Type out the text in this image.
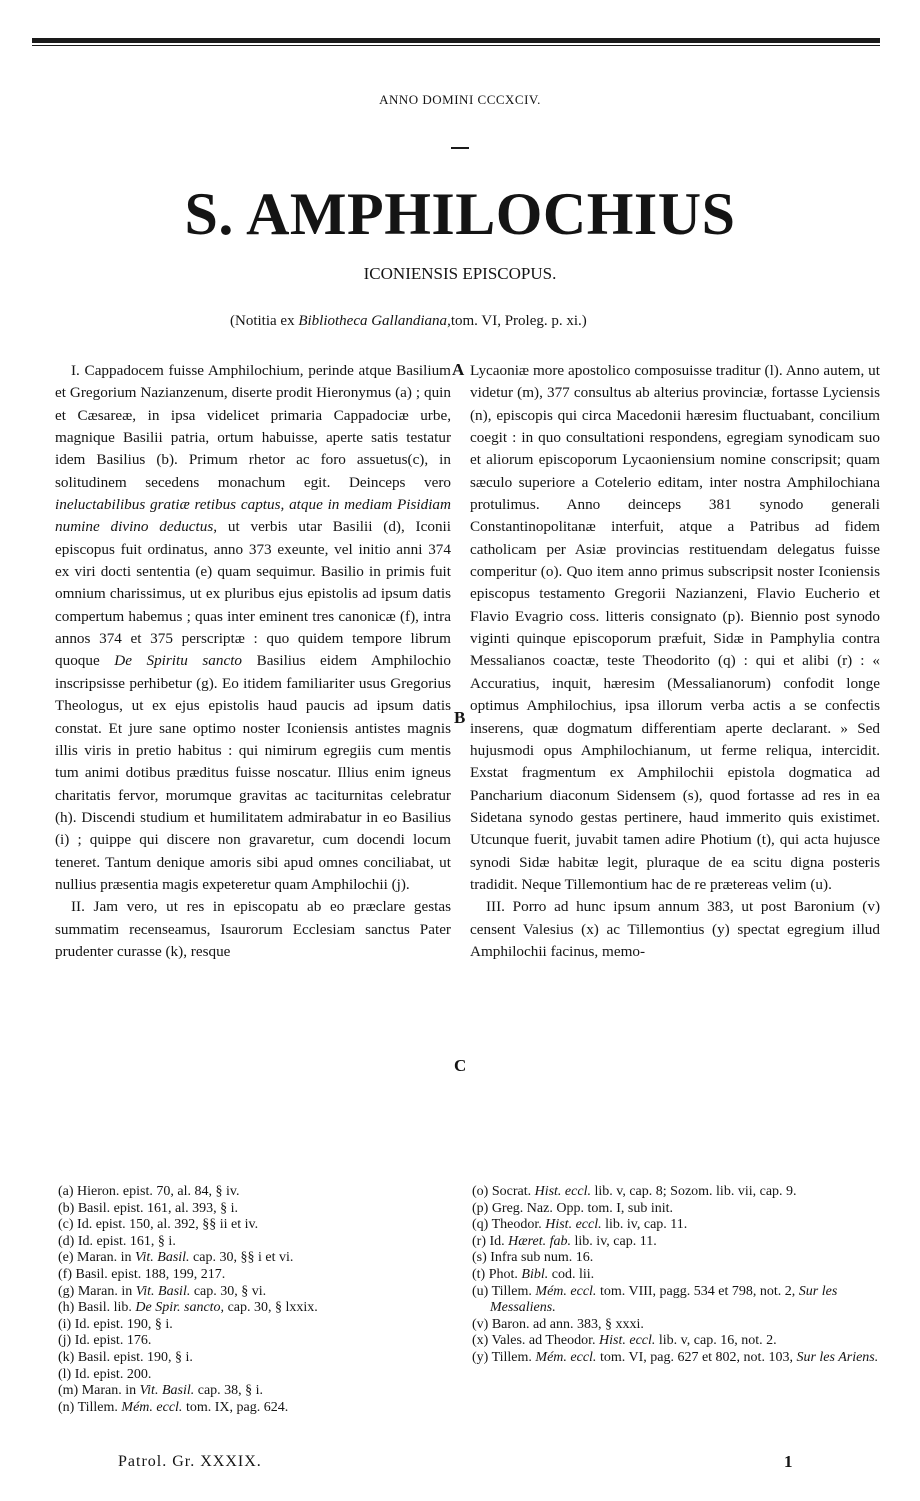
ANNO DOMINI CCCXCIV.
S. AMPHILOCHIUS
ICONIENSIS EPISCOPUS.
(Notitia ex Bibliotheca Gallandiana,tom. VI, Proleg. p. xi.)

I. Cappadocem fuisse Amphilochium, perinde atque Basilium et Gregorium Nazianzenum, diserte prodit Hieronymus (a) ; quin et Cæsareæ, in ipsa videlicet primaria Cappadociæ urbe, magnique Basilii patria, ortum habuisse, aperte satis testatur idem Basilius (b). Primum rhetor ac foro assuetus(c), in solitudinem secedens monachum egit. Deinceps vero ineluctabilibus gratiæ retibus captus, atque in mediam Pisidiam numine divino deductus, ut verbis utar Basilii (d), Iconii episcopus fuit ordinatus, anno 373 exeunte, vel initio anni 374 ex viri docti sententia (e) quam sequimur. Basilio in primis fuit omnium charissimus, ut ex pluribus ejus epistolis ad ipsum datis compertum habemus ; quas inter eminent tres canonicæ (f), intra annos 374 et 375 perscriptæ : quo quidem tempore librum quoque De Spiritu sancto Basilius eidem Amphilochio inscripsisse perhibetur (g). Eo itidem familiariter usus Gregorius Theologus, ut ex ejus epistolis haud paucis ad ipsum datis constat. Et jure sane optimo noster Iconiensis antistes magnis illis viris in pretio habitus : qui nimirum egregiis cum mentis tum animi dotibus præditus fuisse noscatur. Illius enim igneus charitatis fervor, morumque gravitas ac taciturnitas celebratur (h). Discendi studium et humilitatem admirabatur in eo Basilius (i) ; quippe qui discere non gravaretur, cum docendi locum teneret. Tantum denique amoris sibi apud omnes conciliabat, ut nullius præsentia magis expeteretur quam Amphilochii (j).

II. Jam vero, ut res in episcopatu ab eo præclare gestas summatim recenseamus, Isaurorum Ecclesiam sanctus Pater prudenter curasse (k), resque

Lycaoniæ more apostolico composuisse traditur (l). Anno autem, ut videtur (m), 377 consultus ab alterius provinciæ, fortasse Lyciensis (n), episcopis qui circa Macedonii hæresim fluctuabant, concilium coegit : in quo consultationi respondens, egregiam synodicam suo et aliorum episcoporum Lycaoniensium nomine conscripsit; quam sæculo superiore a Cotelerio editam, inter nostra Amphilochiana protulimus. Anno deinceps 381 synodo generali Constantinopolitanæ interfuit, atque a Patribus ad fidem catholicam per Asiæ provincias restituendam delegatus fuisse comperitur (o). Quo item anno primus subscripsit noster Iconiensis episcopus testamento Gregorii Nazianzeni, Flavio Eucherio et Flavio Evagrio coss. litteris consignato (p). Biennio post synodo viginti quinque episcoporum præfuit, Sidæ in Pamphylia contra Messalianos coactæ, teste Theodorito (q) : qui et alibi (r) : « Accuratius, inquit, hæresim (Messalianorum) confodit longe optimus Amphilochius, ipsa illorum verba actis a se confectis inserens, quæ dogmatum differentiam aperte declarant. » Sed hujusmodi opus Amphilochianum, ut ferme reliqua, intercidit. Exstat fragmentum ex Amphilochii epistola dogmatica ad Pancharium diaconum Sidensem (s), quod fortasse ad res in ea Sidetana synodo gestas pertinere, haud immerito quis existimet. Utcunque fuerit, juvabit tamen adire Photium (t), qui acta hujusce synodi Sidæ habitæ legit, pluraque de ea scitu digna posteris tradidit. Neque Tillemontium hac de re prætereas velim (u).

III. Porro ad hunc ipsum annum 383, ut post Baronium (v) censent Valesius (x) ac Tillemontius (y) spectat egregium illud Amphilochii facinus, memo-

A
B
C
(a) Hieron. epist. 70, al. 84, § iv.
(b) Basil. epist. 161, al. 393, § i.
(c) Id. epist. 150, al. 392, §§ ii et iv.
(d) Id. epist. 161, § i.
(e) Maran. in Vit. Basil. cap. 30, §§ i et vi.
(f) Basil. epist. 188, 199, 217.
(g) Maran. in Vit. Basil. cap. 30, § vi.
(h) Basil. lib. De Spir. sancto, cap. 30, § lxxix.
(i) Id. epist. 190, § i.
(j) Id. epist. 176.
(k) Basil. epist. 190, § i.
(l) Id. epist. 200.
(m) Maran. in Vit. Basil. cap. 38, § i.
(n) Tillem. Mém. eccl. tom. IX, pag. 624.
(o) Socrat. Hist. eccl. lib. v, cap. 8; Sozom. lib. vii, cap. 9.
(p) Greg. Naz. Opp. tom. I, sub init.
(q) Theodor. Hist. eccl. lib. iv, cap. 11.
(r) Id. Hæret. fab. lib. iv, cap. 11.
(s) Infra sub num. 16.
(t) Phot. Bibl. cod. lii.
(u) Tillem. Mém. eccl. tom. VIII, pagg. 534 et 798, not. 2, Sur les Messaliens.
(v) Baron. ad ann. 383, § xxxi.
(x) Vales. ad Theodor. Hist. eccl. lib. v, cap. 16, not. 2.
(y) Tillem. Mém. eccl. tom. VI, pag. 627 et 802, not. 103, Sur les Ariens.
Patrol. Gr. XXXIX.	1
